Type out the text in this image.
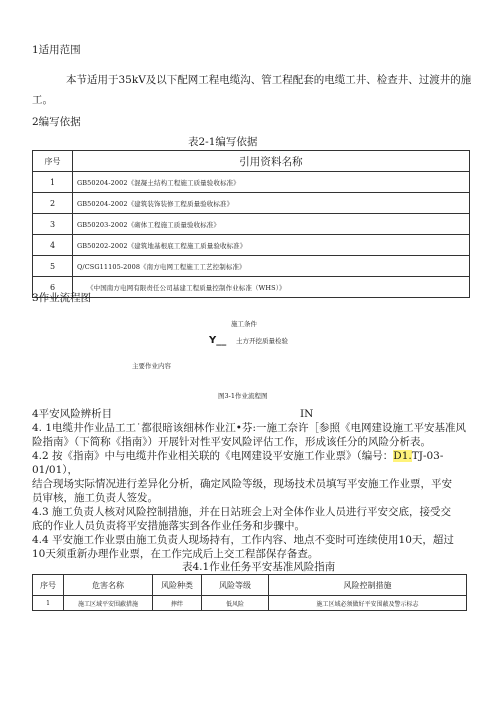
1适用范围
本节适用于35kV及以下配网工程电缆沟、管工程配套的电缆工井、检查井、过渡井的施
工。
2编写依据
表2-1编写依据
序号	引用资料名称
1	GB50204-2002《混凝土结构工程施工质量验收标准》
2	GB50204-2002《建筑装饰装修工程质量验收标准》
3	GB50203-2002《砌体工程施工质量验收标准》
4	GB50202-2002《建筑地基根底工程施工质量验收标准》
5	Q/CSG11105-2008《南方电网工程施工工艺控制标准》
6	《中国南方电网有限责任公司基建工程质量控制作业标准（WHS）》
3作业流程图
施工条件
Y__ 土方开挖质量检验
主要作业内容
图3-1作业流程图
4平安风险辨析目	IN
4. 1电缆井作业品工工˙都很暗该细林作业江•芬:一施工奈许［参照《电网建设施工平安基准风
险指南》（下简称《指南》）开展针对性平安风险评估工作，形成该任分的风险分析表。
4.2 按《指南》中与电缆井作业相关联的《电网建设平安施工作业票》（编号：D1.TJ-03-
01/01），
结合现场实际情况进行差异化分析，确定风险等级，现场技术员填写平安施工作业票，平安
员审核，施工负责人签发。
4.3 施工负责人核对风险控制措施，并在日站班会上对全体作业人员进行平安交底，接受交
底的作业人员负责将平安措施落实到各作业任务和步骤中。
4.4 平安施工作业票由施工负责人现场持有，工作内容、地点不变时可连续使用10天，超过
10天须重新办理作业票，在工作完成后上交工程部保存备查。
表4.1作业任务平安基准风险指南
序号	危害名称	风险种类	风险等级	风险控制措施
1	施工区域平安围蔽措施	摔绊	低风险	施工区域必须做好平安围蔽及警示标志
